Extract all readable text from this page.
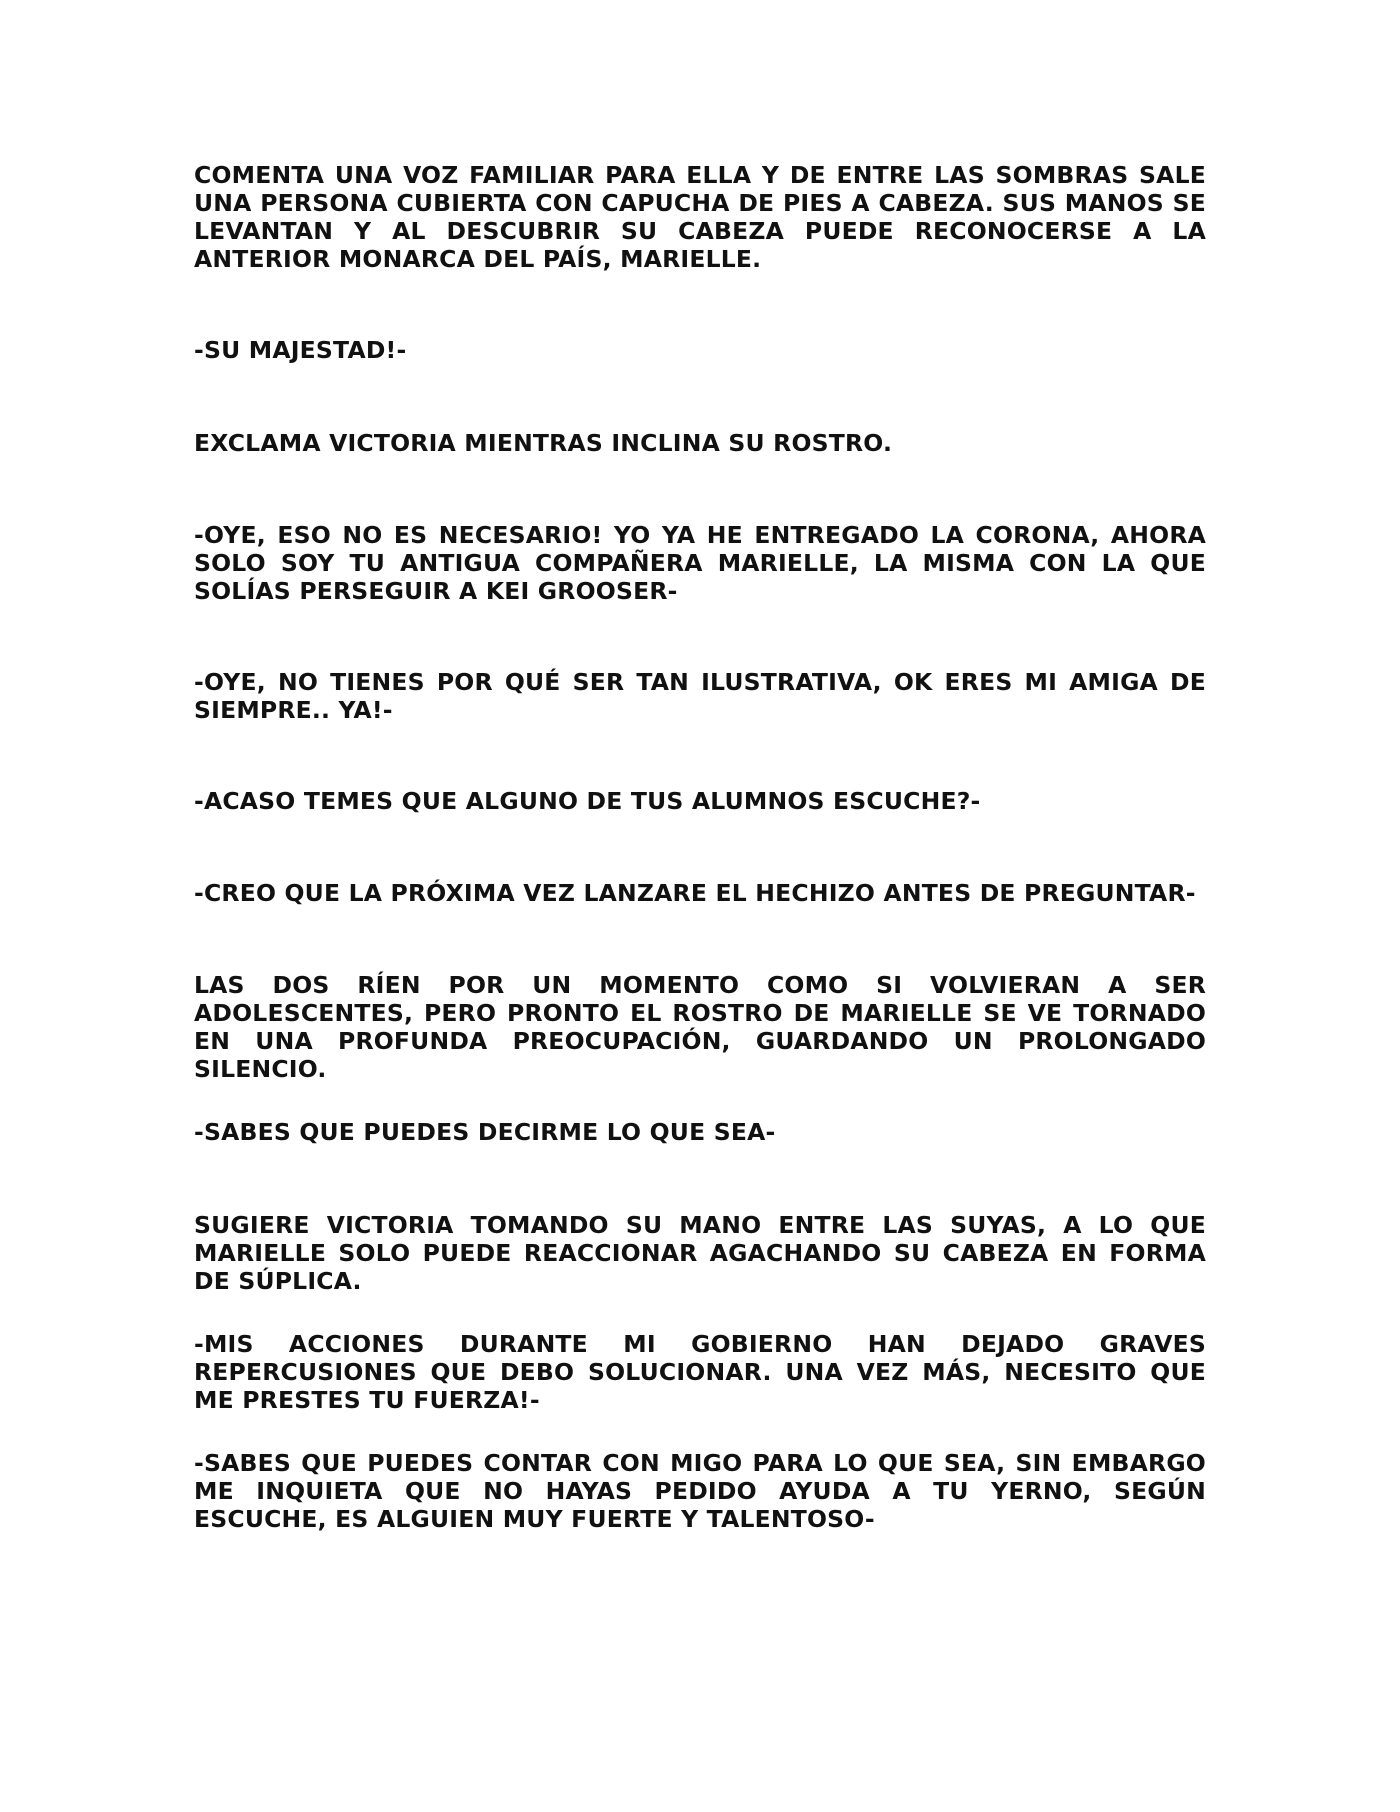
COMENTA UNA VOZ FAMILIAR PARA ELLA Y DE ENTRE LAS SOMBRAS SALE UNA PERSONA CUBIERTA CON CAPUCHA DE PIES A CABEZA. SUS MANOS SE LEVANTAN Y AL DESCUBRIR SU CABEZA PUEDE RECONOCERSE A LA ANTERIOR MONARCA DEL PAÍS, MARIELLE.

-SU MAJESTAD!-

EXCLAMA VICTORIA MIENTRAS INCLINA SU ROSTRO.

-OYE, ESO NO ES NECESARIO! YO YA HE ENTREGADO LA CORONA, AHORA SOLO SOY TU ANTIGUA COMPAÑERA MARIELLE, LA MISMA CON LA QUE SOLÍAS PERSEGUIR A KEI GROOSER-

-OYE, NO TIENES POR QUÉ SER TAN ILUSTRATIVA, OK ERES MI AMIGA DE SIEMPRE.. YA!-

-ACASO TEMES QUE ALGUNO DE TUS ALUMNOS ESCUCHE?-

-CREO QUE LA PRÓXIMA VEZ LANZARE EL HECHIZO ANTES DE PREGUNTAR-

LAS DOS RÍEN POR UN MOMENTO COMO SI VOLVIERAN A SER ADOLESCENTES, PERO PRONTO EL ROSTRO DE MARIELLE SE VE TORNADO EN UNA PROFUNDA PREOCUPACIÓN, GUARDANDO UN PROLONGADO SILENCIO.

-SABES QUE PUEDES DECIRME LO QUE SEA-

SUGIERE VICTORIA TOMANDO SU MANO ENTRE LAS SUYAS, A LO QUE MARIELLE SOLO PUEDE REACCIONAR AGACHANDO SU CABEZA EN FORMA DE SÚPLICA.

-MIS ACCIONES DURANTE MI GOBIERNO HAN DEJADO GRAVES REPERCUSIONES QUE DEBO SOLUCIONAR. UNA VEZ MÁS, NECESITO QUE ME PRESTES TU FUERZA!-

-SABES QUE PUEDES CONTAR CON MIGO PARA LO QUE SEA, SIN EMBARGO ME INQUIETA QUE NO HAYAS PEDIDO AYUDA A TU YERNO, SEGÚN ESCUCHE, ES ALGUIEN MUY FUERTE Y TALENTOSO-
